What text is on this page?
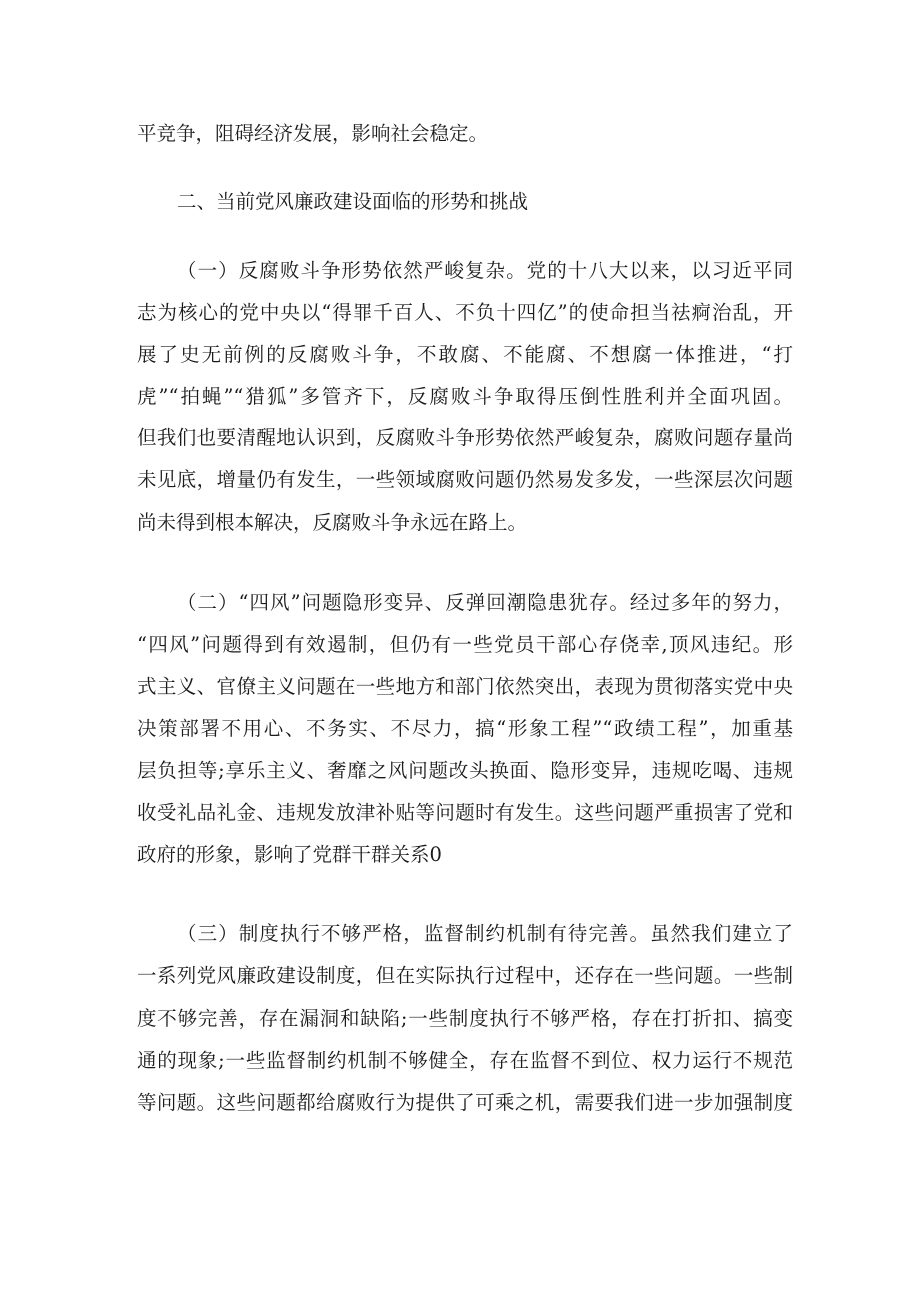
平竞争，阻碍经济发展，影响社会稳定。
二、当前党风廉政建设面临的形势和挑战
（一）反腐败斗争形势依然严峻复杂。党的十八大以来，以习近平同
志为核心的党中央以“得罪千百人、不负十四亿”的使命担当祛痾治乱，开
展了史无前例的反腐败斗争，不敢腐、不能腐、不想腐一体推进，“打
虎”“拍蝇”“猎狐”多管齐下，反腐败斗争取得压倒性胜利并全面巩固。
但我们也要清醒地认识到，反腐败斗争形势依然严峻复杂，腐败问题存量尚
未见底，增量仍有发生，一些领域腐败问题仍然易发多发，一些深层次问题
尚未得到根本解决，反腐败斗争永远在路上。
（二）“四风”问题隐形变异、反弹回潮隐患犹存。经过多年的努力，
“四风”问题得到有效遏制，但仍有一些党员干部心存侥幸,顶风违纪。形
式主义、官僚主义问题在一些地方和部门依然突出，表现为贯彻落实党中央
决策部署不用心、不务实、不尽力，搞“形象工程”“政绩工程”，加重基
层负担等;享乐主义、奢靡之风问题改头换面、隐形变异，违规吃喝、违规
收受礼品礼金、违规发放津补贴等问题时有发生。这些问题严重损害了党和
政府的形象，影响了党群干群关系0
（三）制度执行不够严格，监督制约机制有待完善。虽然我们建立了
一系列党风廉政建设制度，但在实际执行过程中，还存在一些问题。一些制
度不够完善，存在漏洞和缺陷;一些制度执行不够严格，存在打折扣、搞变
通的现象;一些监督制约机制不够健全，存在监督不到位、权力运行不规范
等问题。这些问题都给腐败行为提供了可乘之机，需要我们进一步加强制度
